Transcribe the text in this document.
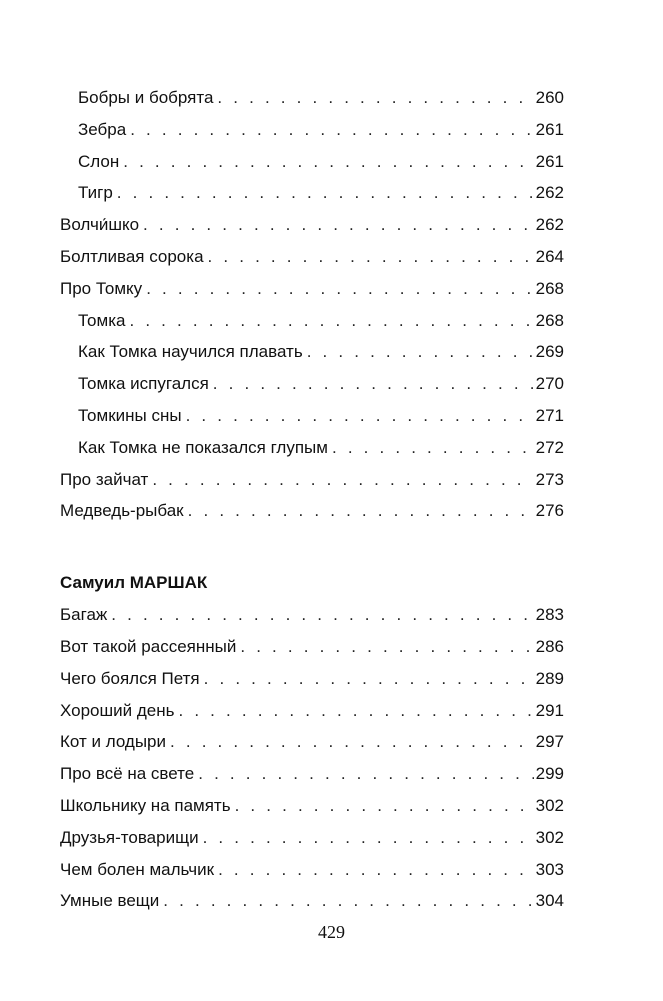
Бобры и бобрята . . .	260
Зебра . . .	261
Слон . . .	261
Тигр . . .	262
Волчи́шко . . .	262
Болтливая сорока . . .	264
Про Томку . . .	268
Томка . . .	268
Как Томка научился плавать . . .	269
Томка испугался . . .	270
Томкины сны . . .	271
Как Томка не показался глупым . . .	272
Про зайчат . . .	273
Медведь-рыбак . . .	276
Самуил МАРШАК
Багаж . . .	283
Вот такой рассеянный . . .	286
Чего боялся Петя . . .	289
Хороший день . . .	291
Кот и лодыри . . .	297
Про всё на свете . . .	299
Школьнику на память . . .	302
Друзья-товарищи . . .	302
Чем болен мальчик . . .	303
Умные вещи . . .	304
429
